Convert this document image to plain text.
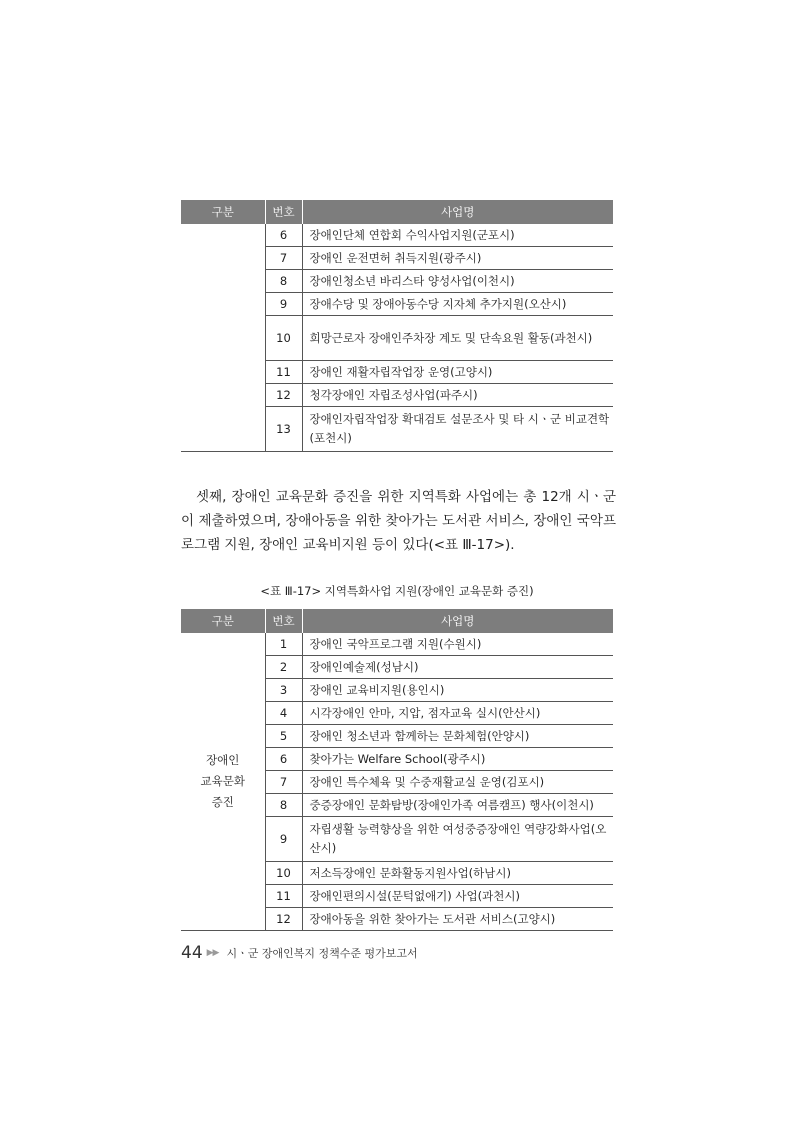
구분	번호	사업명
	6	장애인단체 연합회 수익사업지원(군포시)
	7	장애인 운전면허 취득지원(광주시)
	8	장애인청소년 바리스타 양성사업(이천시)
	9	장애수당 및 장애아동수당 지자체 추가지원(오산시)
	10	희망근로자 장애인주차장 계도 및 단속요원 활동(과천시)
	11	장애인 재활자립작업장 운영(고양시)
	12	청각장애인 자립조성사업(파주시)
	13	장애인자립작업장 확대검토 설문조사 및 타 시ㆍ군 비교견학(포천시)

셋째, 장애인 교육문화 증진을 위한 지역특화 사업에는 총 12개 시ㆍ군이 제출하였으며, 장애아동을 위한 찾아가는 도서관 서비스, 장애인 국악프로그램 지원, 장애인 교육비지원 등이 있다(<표 Ⅲ-17>).

<표 Ⅲ-17> 지역특화사업 지원(장애인 교육문화 증진)
구분	번호	사업명
장애인
교육문화
증진	1	장애인 국악프로그램 지원(수원시)
	2	장애인예술제(성남시)
	3	장애인 교육비지원(용인시)
	4	시각장애인 안마, 지압, 점자교육 실시(안산시)
	5	장애인 청소년과 함께하는 문화체험(안양시)
	6	찾아가는 Welfare School(광주시)
	7	장애인 특수체육 및 수중재활교실 운영(김포시)
	8	중증장애인 문화탐방(장애인가족 여름캠프) 행사(이천시)
	9	자립생활 능력향상을 위한 여성중증장애인 역량강화사업(오산시)
	10	저소득장애인 문화활동지원사업(하남시)
	11	장애인편의시설(문턱없애기) 사업(과천시)
	12	장애아동을 위한 찾아가는 도서관 서비스(고양시)
44 ▶▶ 시ㆍ군 장애인복지 정책수준 평가보고서
